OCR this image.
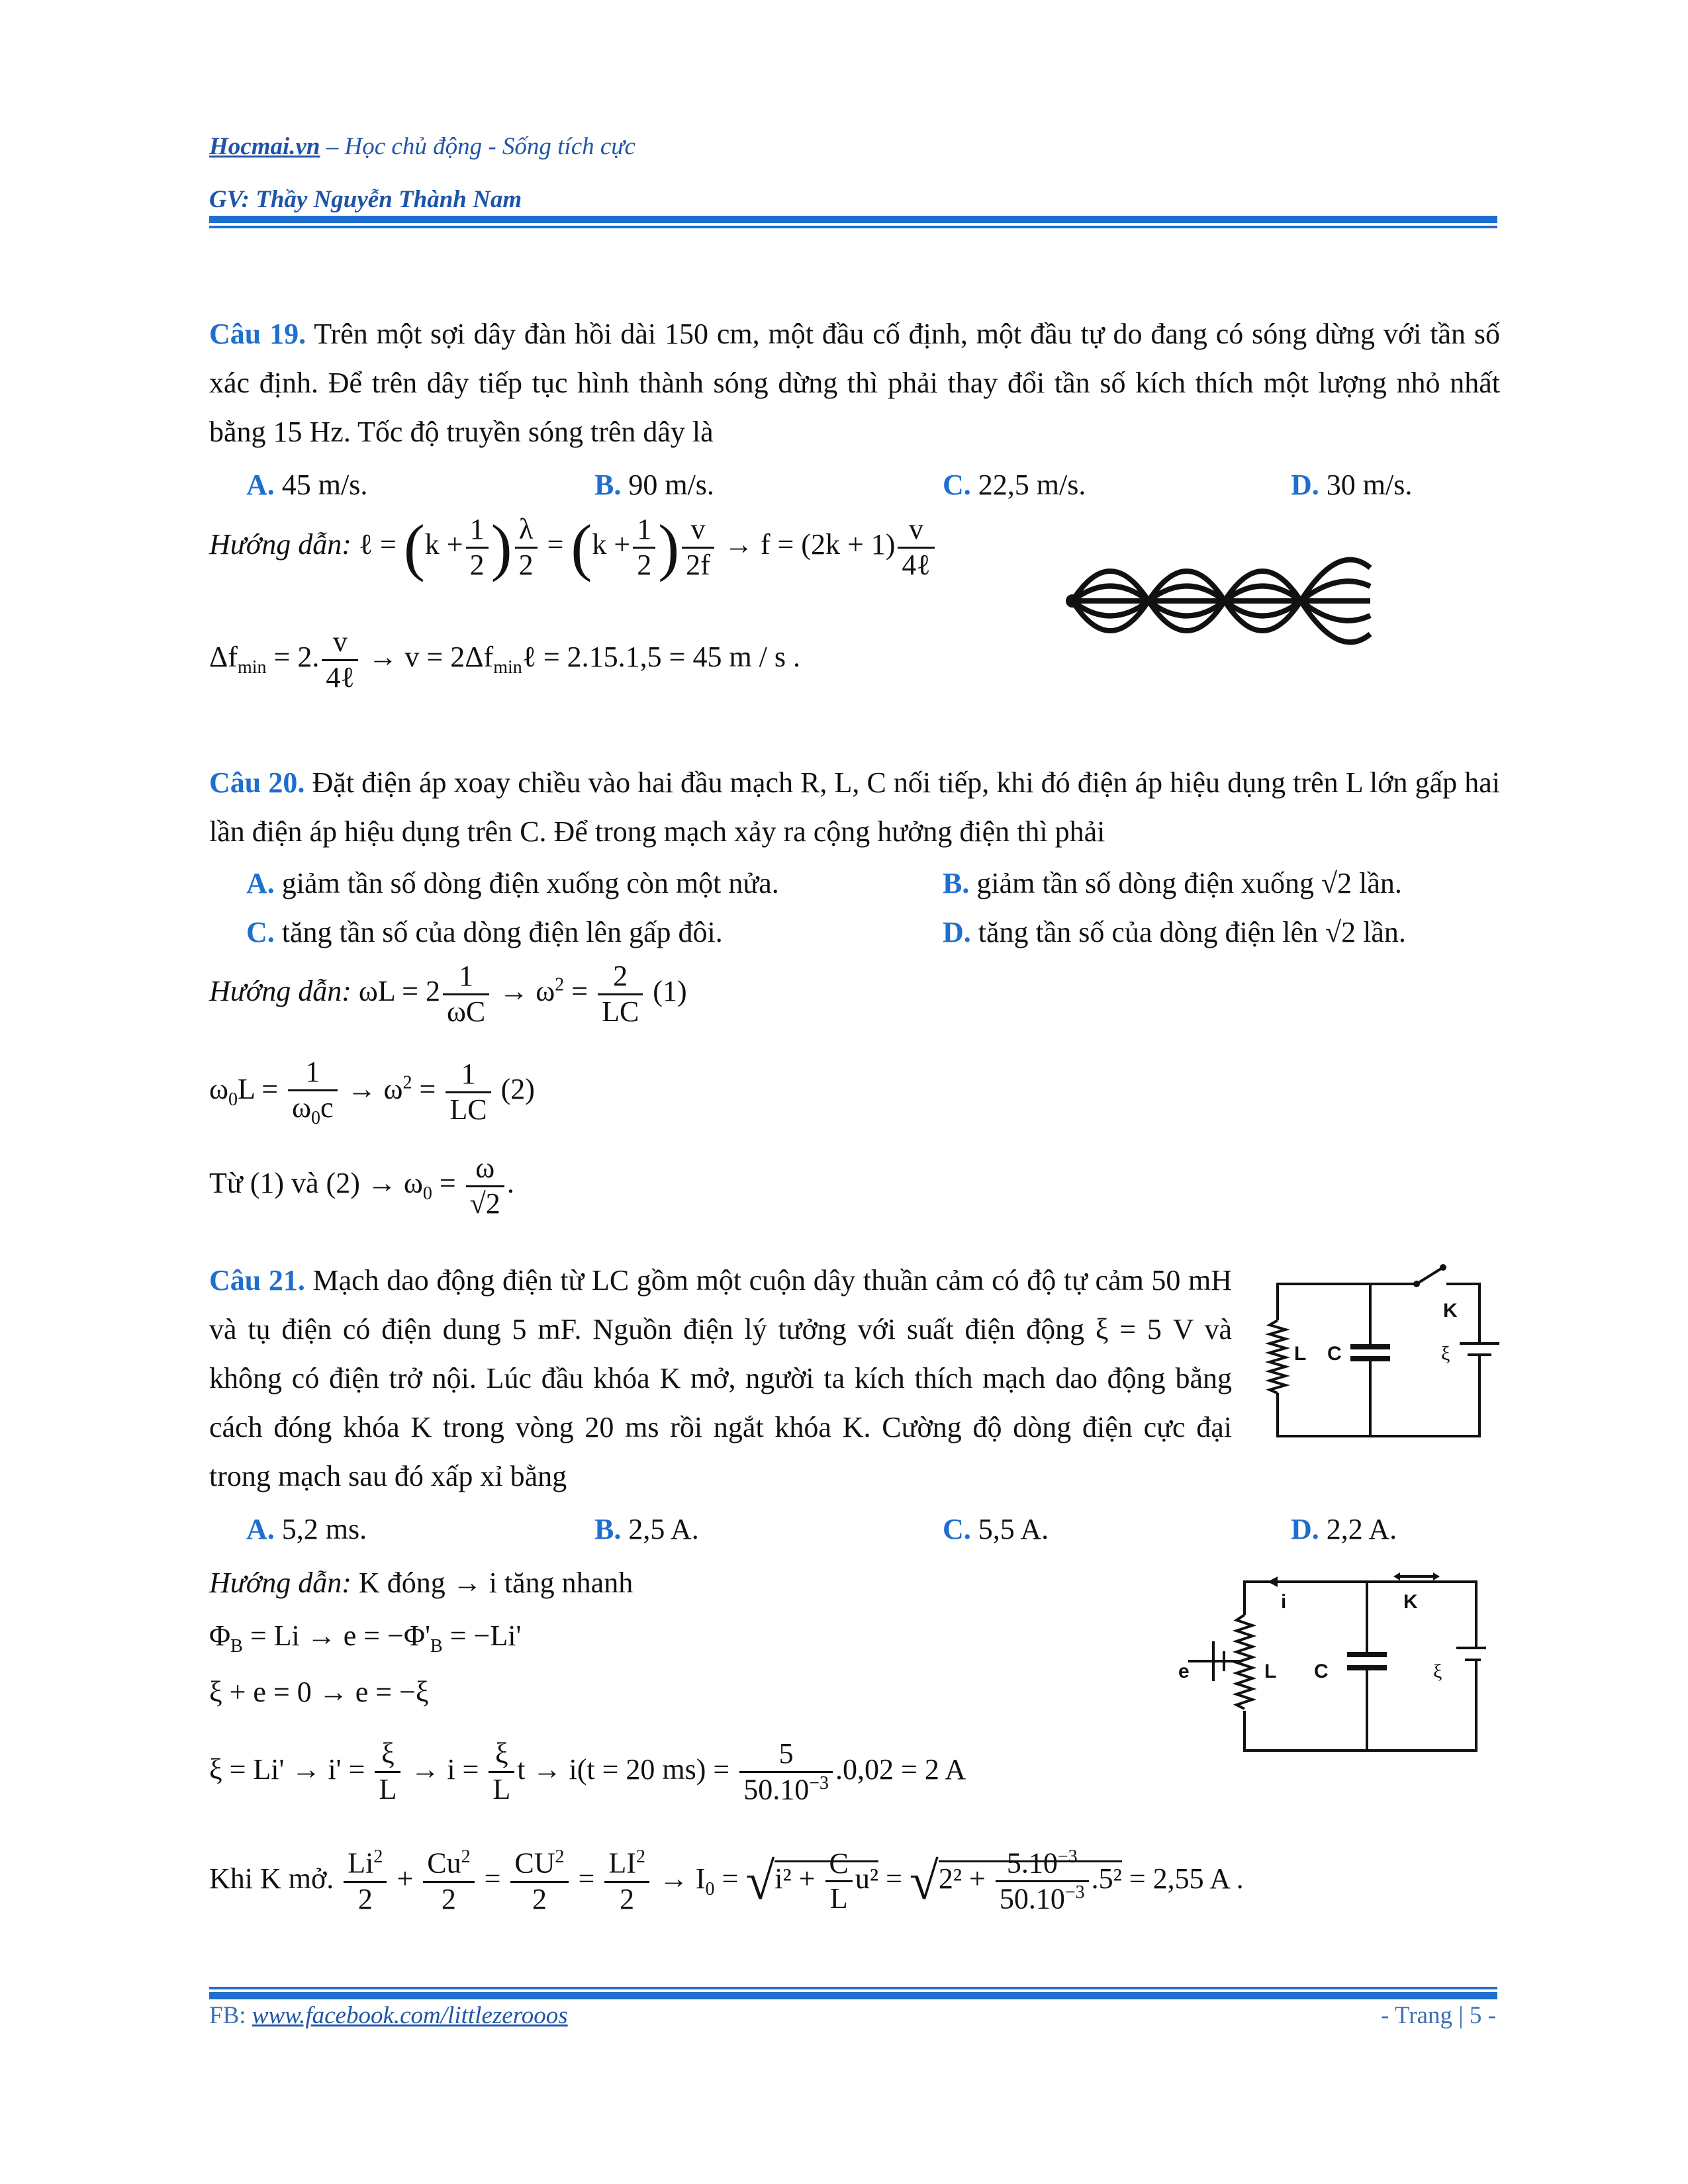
Hocmai.vn – Học chủ động - Sống tích cực
GV: Thầy Nguyễn Thành Nam
Câu 19. Trên một sợi dây đàn hồi dài 150 cm, một đầu cố định, một đầu tự do đang có sóng dừng với tần số xác định. Để trên dây tiếp tục hình thành sóng dừng thì phải thay đổi tần số kích thích một lượng nhỏ nhất bằng 15 Hz. Tốc độ truyền sóng trên dây là
A. 45 m/s.	B. 90 m/s.	C. 22,5 m/s.	D. 30 m/s.
Hướng dẫn: ℓ = ($k + \frac{1}{2}$ ) $\frac{\lambda}{2} = (k + \frac{1}{2}$ ) $\frac{v}{2f} \to f = (2k + 1) \frac{v}{\text{4ℓ}}$
$\Delta f_{min} = 2$. $\frac{v}{\text{4ℓ}} \to v$ = $2\Delta f_{min}\ell = 2.15.1,5 = 45$ m / s .
Câu 20. Đặt điện áp xoay chiều vào hai đầu mạch R, L, C nối tiếp, khi đó điện áp hiệu dụng trên L lớn gấp hai lần điện áp hiệu dụng trên C. Để trong mạch xảy ra cộng hưởng điện thì phải
A. giảm tần số dòng điện xuống còn một nửa.	B. giảm tần số dòng điện xuống √2 lần.
C. tăng tần số của dòng điện lên gấp đôi.	D. tăng tần số của dòng điện lên √2 lần.
Hướng dẫn: $\omega L = 2 \frac{1}{\omega C} \to \omega^2 = \frac{2}{LC} (1)$
$\omega_0L = \frac{1}{\omega_0c} \to \omega^2 = \frac{1}{LC} (2)$
Từ (1) và $(2) \to \omega_0 = \frac{\omega}{√2}$ .
Câu 21. Mạch dao động điện từ LC gồm một cuộn dây thuần cảm có độ tự cảm 50 mH và tụ điện có điện dung 5 mF. Nguồn điện lý tưởng với suất điện động ξ = 5 V và không có điện trở nội. Lúc đầu khóa K mở, người ta kích thích mạch dao động bằng cách đóng khóa K trong vòng 20 ms rồi ngắt khóa K. Cường độ dòng điện cực đại trong mạch sau đó xấp xỉ bằng
L C
K
ξ
A. 5,2 ms.	B. 2,5 A.	C. 5,5 A.	D. 2,2 A.
Hướng dẫn: K đóng → i tăng nhanh
$\Phi_B = Li \to e = -\Phi'_B = -Li'$
ξ + e = 0 → e = −ξ
$\xi = Li' \to i' = \frac{\xi}{L} \to i = \frac{\xi}{L}$ t → i(t = 20 $ms) = \frac{5}{50.10^{-3}} .0,02 = 2$ A
Khi K mở. $\frac{Li^2}{2} + \frac{Cu^2}{2} = \frac{CU^2}{2} = \frac{LI^2}{2} \to I_0 = √i^2 + \frac{C}{L} u^2 = √2^2 + \frac{5.10^{-3}}{50.10^{-3}} .5^2 = 2,55$ A .
i	K
e	L C	ξ
FB: www.facebook.com/littlezerooos	- Trang | 5 -
